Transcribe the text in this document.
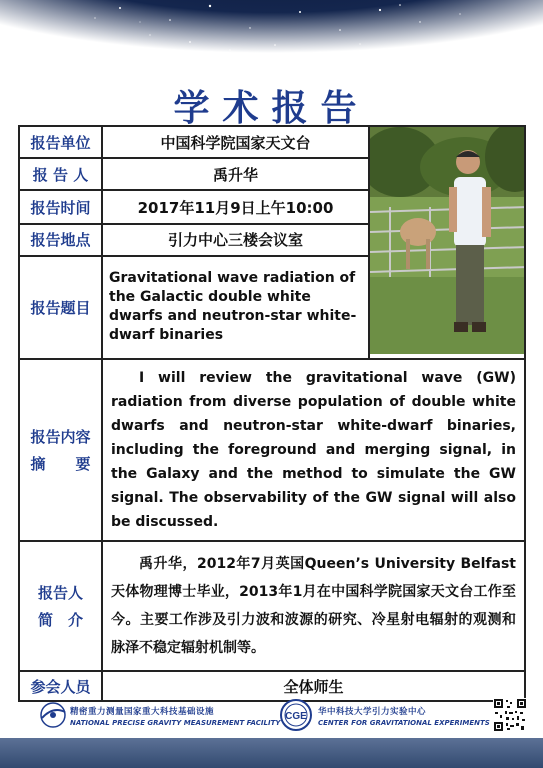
学术报告
报告单位	中国科学院国家天文台	
报 告 人	禹升华	
报告时间	2017年11月9日上午10:00	
报告地点	引力中心三楼会议室	
报告题目	Gravitational wave radiation of the Galactic double white dwarfs and neutron-star white-dwarf binaries	

报告内容
摘　　要	I will review the gravitational wave (GW) radiation from diverse population of double white dwarfs and neutron-star white-dwarf binaries, including the foreground and merging signal, in the Galaxy and the method to simulate the GW signal. The observability of the GW signal will also be discussed.	

报告人
简　介	禹升华，2012年7月英国Queen’s University Belfast天体物理博士毕业，2013年1月在中国科学院国家天文台工作至今。主要工作涉及引力波和波源的研究、冷星射电辐射的观测和脉泽不稳定辐射机制等。	

参会人员	全体师生	
精密重力测量国家重大科技基础设施
NATIONAL PRECISE GRAVITY MEASUREMENT FACILITY
CGE 华中科技大学引力实验中心
CENTER FOR GRAVITATIONAL EXPERIMENTS
